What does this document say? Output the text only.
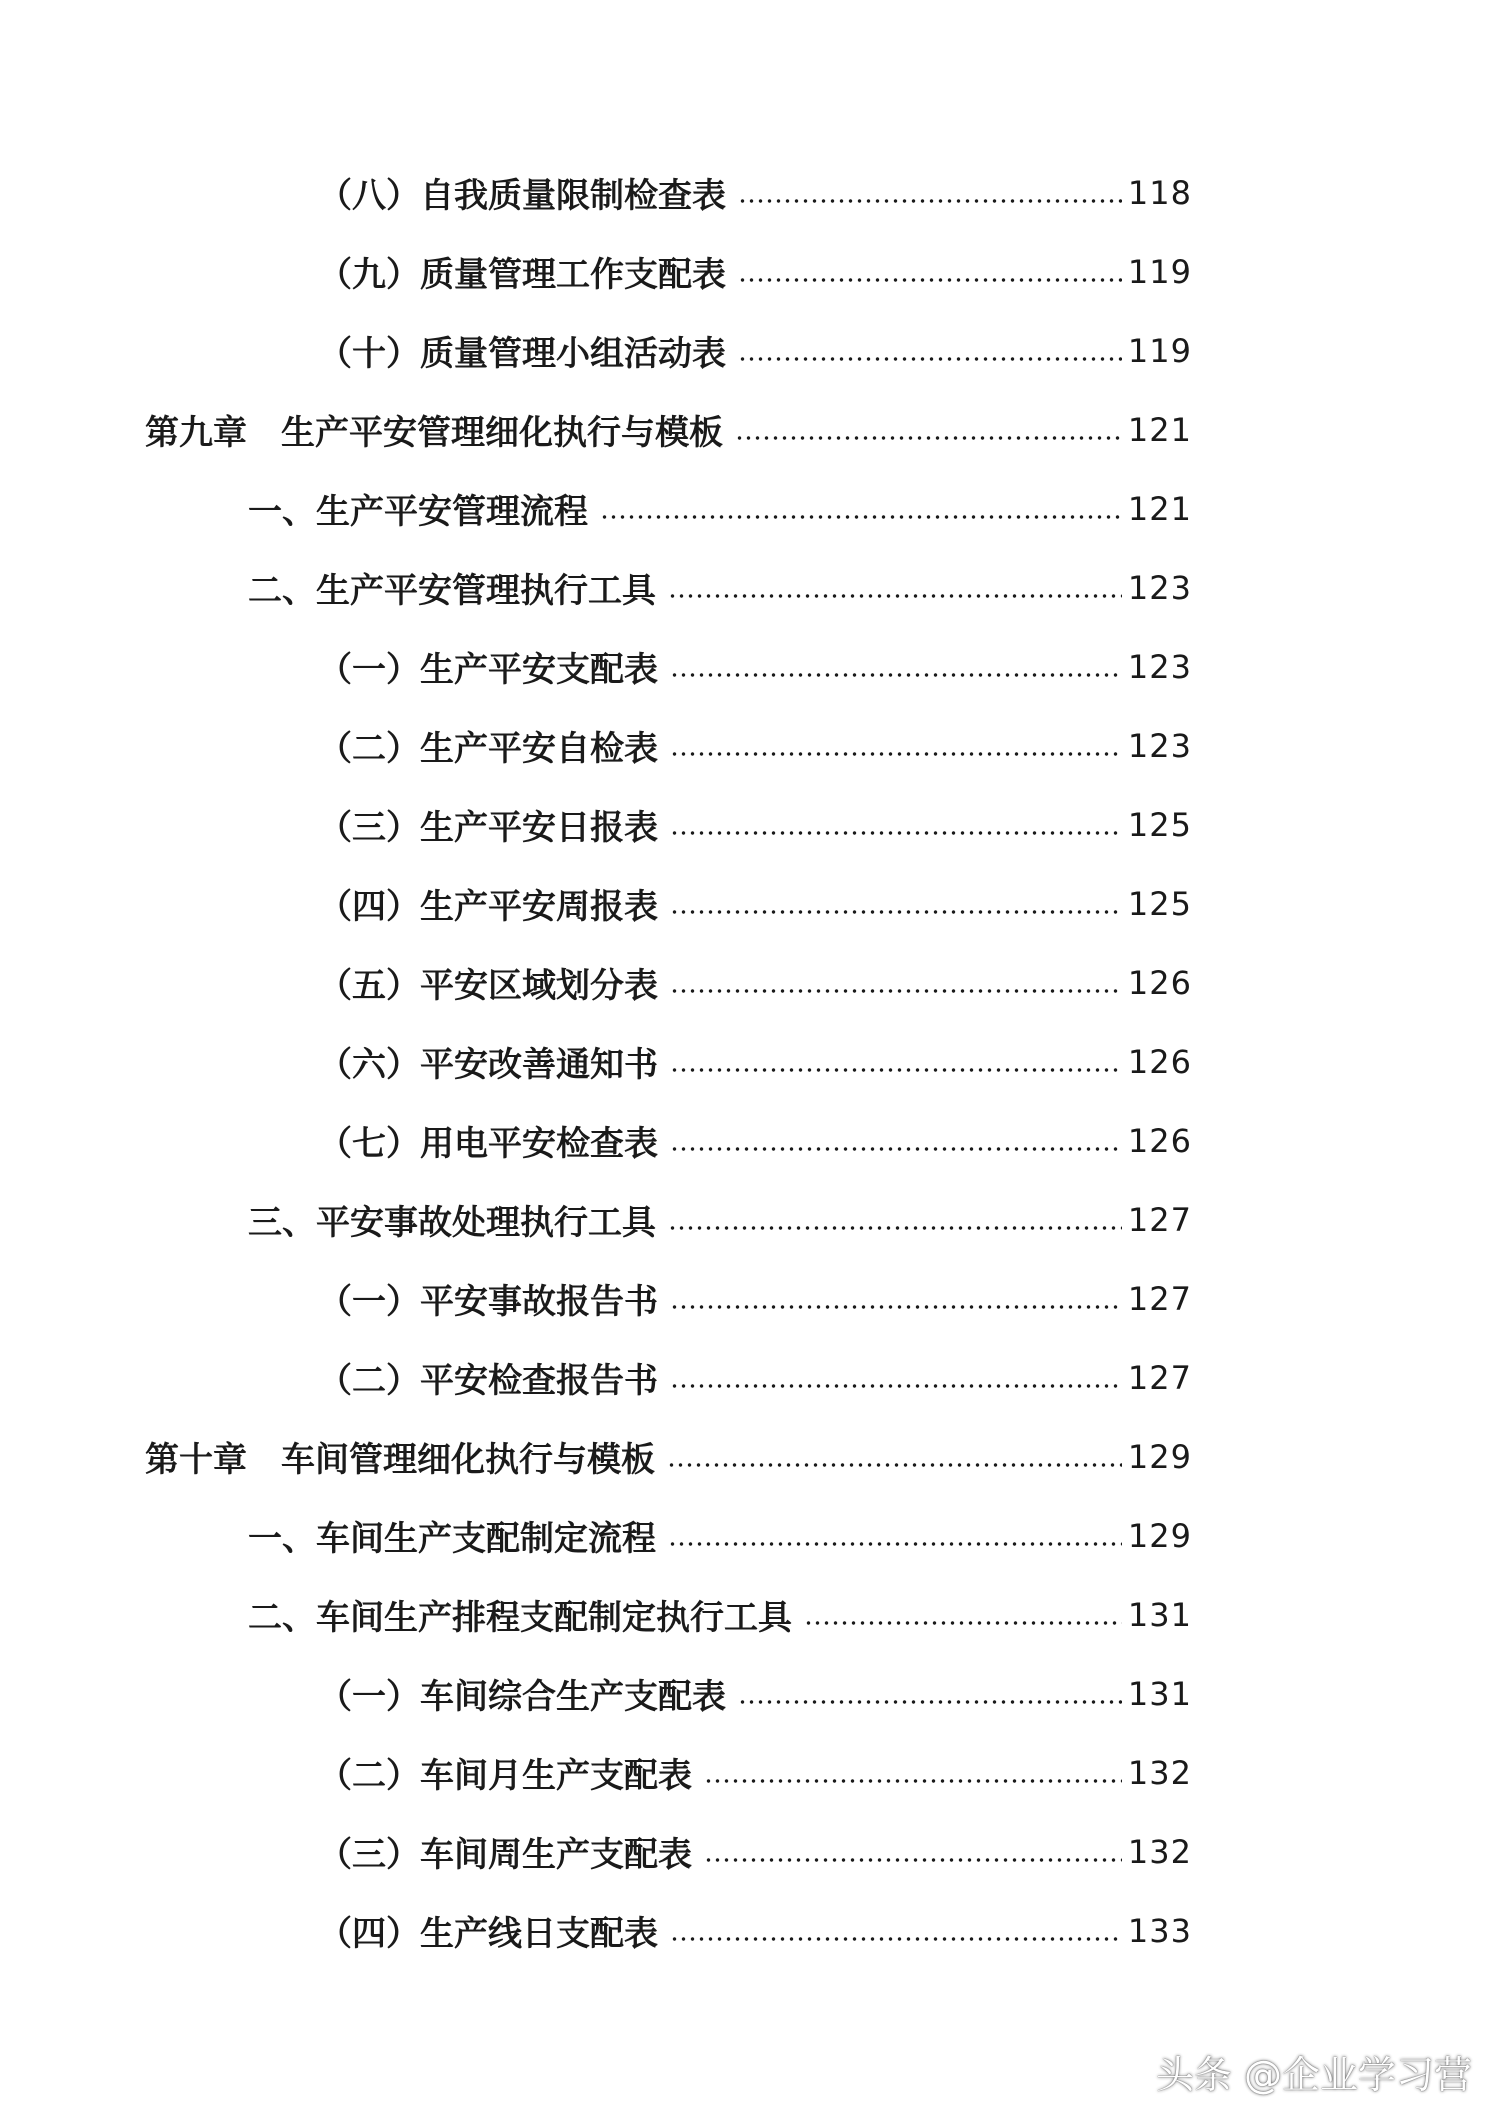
（八）自我质量限制检查表	118
（九）质量管理工作支配表	119
（十）质量管理小组活动表	119
第九章　生产平安管理细化执行与模板	121
一、生产平安管理流程	121
二、生产平安管理执行工具	123
（一）生产平安支配表	123
（二）生产平安自检表	123
（三）生产平安日报表	125
（四）生产平安周报表	125
（五）平安区域划分表	126
（六）平安改善通知书	126
（七）用电平安检查表	126
三、平安事故处理执行工具	127
（一）平安事故报告书	127
（二）平安检查报告书	127
第十章　车间管理细化执行与模板	129
一、车间生产支配制定流程	129
二、车间生产排程支配制定执行工具	131
（一）车间综合生产支配表	131
（二）车间月生产支配表	132
（三）车间周生产支配表	132
（四）生产线日支配表	133
头条 @企业学习营
